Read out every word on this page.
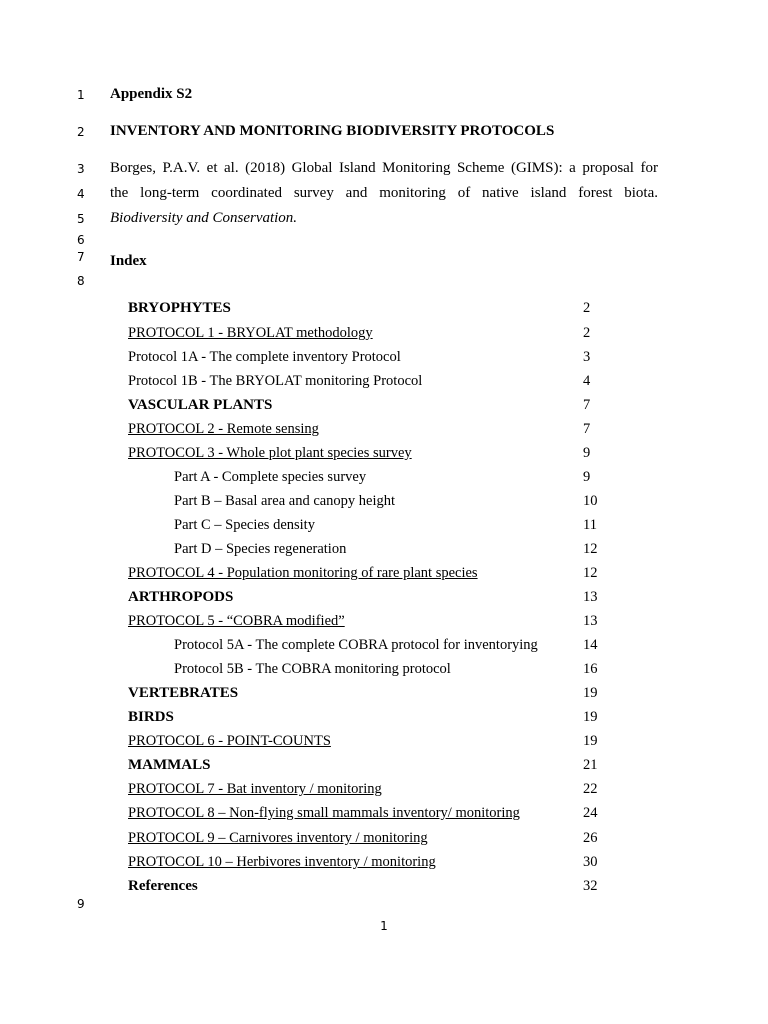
1
2
3
4
5
6
7
8
9
Appendix S2
INVENTORY AND MONITORING BIODIVERSITY PROTOCOLS
Borges, P.A.V. et al. (2018) Global Island Monitoring Scheme (GIMS): a proposal for
the long-term coordinated survey and monitoring of native island forest biota.
Biodiversity and Conservation.
Index
BRYOPHYTES	2
PROTOCOL 1 - BRYOLAT methodology	2
Protocol 1A - The complete inventory Protocol	3
Protocol 1B - The BRYOLAT monitoring Protocol	4
VASCULAR PLANTS	7
PROTOCOL 2 - Remote sensing	7
PROTOCOL 3 - Whole plot plant species survey	9
Part A - Complete species survey	9
Part B – Basal area and canopy height	10
Part C – Species density	11
Part D – Species regeneration	12
PROTOCOL 4 - Population monitoring of rare plant species	12
ARTHROPODS	13
PROTOCOL 5 - “COBRA modified”	13
Protocol 5A - The complete COBRA protocol for inventorying	14
Protocol 5B - The COBRA monitoring protocol	16
VERTEBRATES	19
BIRDS	19
PROTOCOL 6 - POINT-COUNTS	19
MAMMALS	21
PROTOCOL 7 - Bat inventory / monitoring	22
PROTOCOL 8 – Non-flying small mammals inventory/ monitoring	24
PROTOCOL 9 – Carnivores inventory / monitoring	26
PROTOCOL 10 – Herbivores inventory / monitoring	30
References	32
1
